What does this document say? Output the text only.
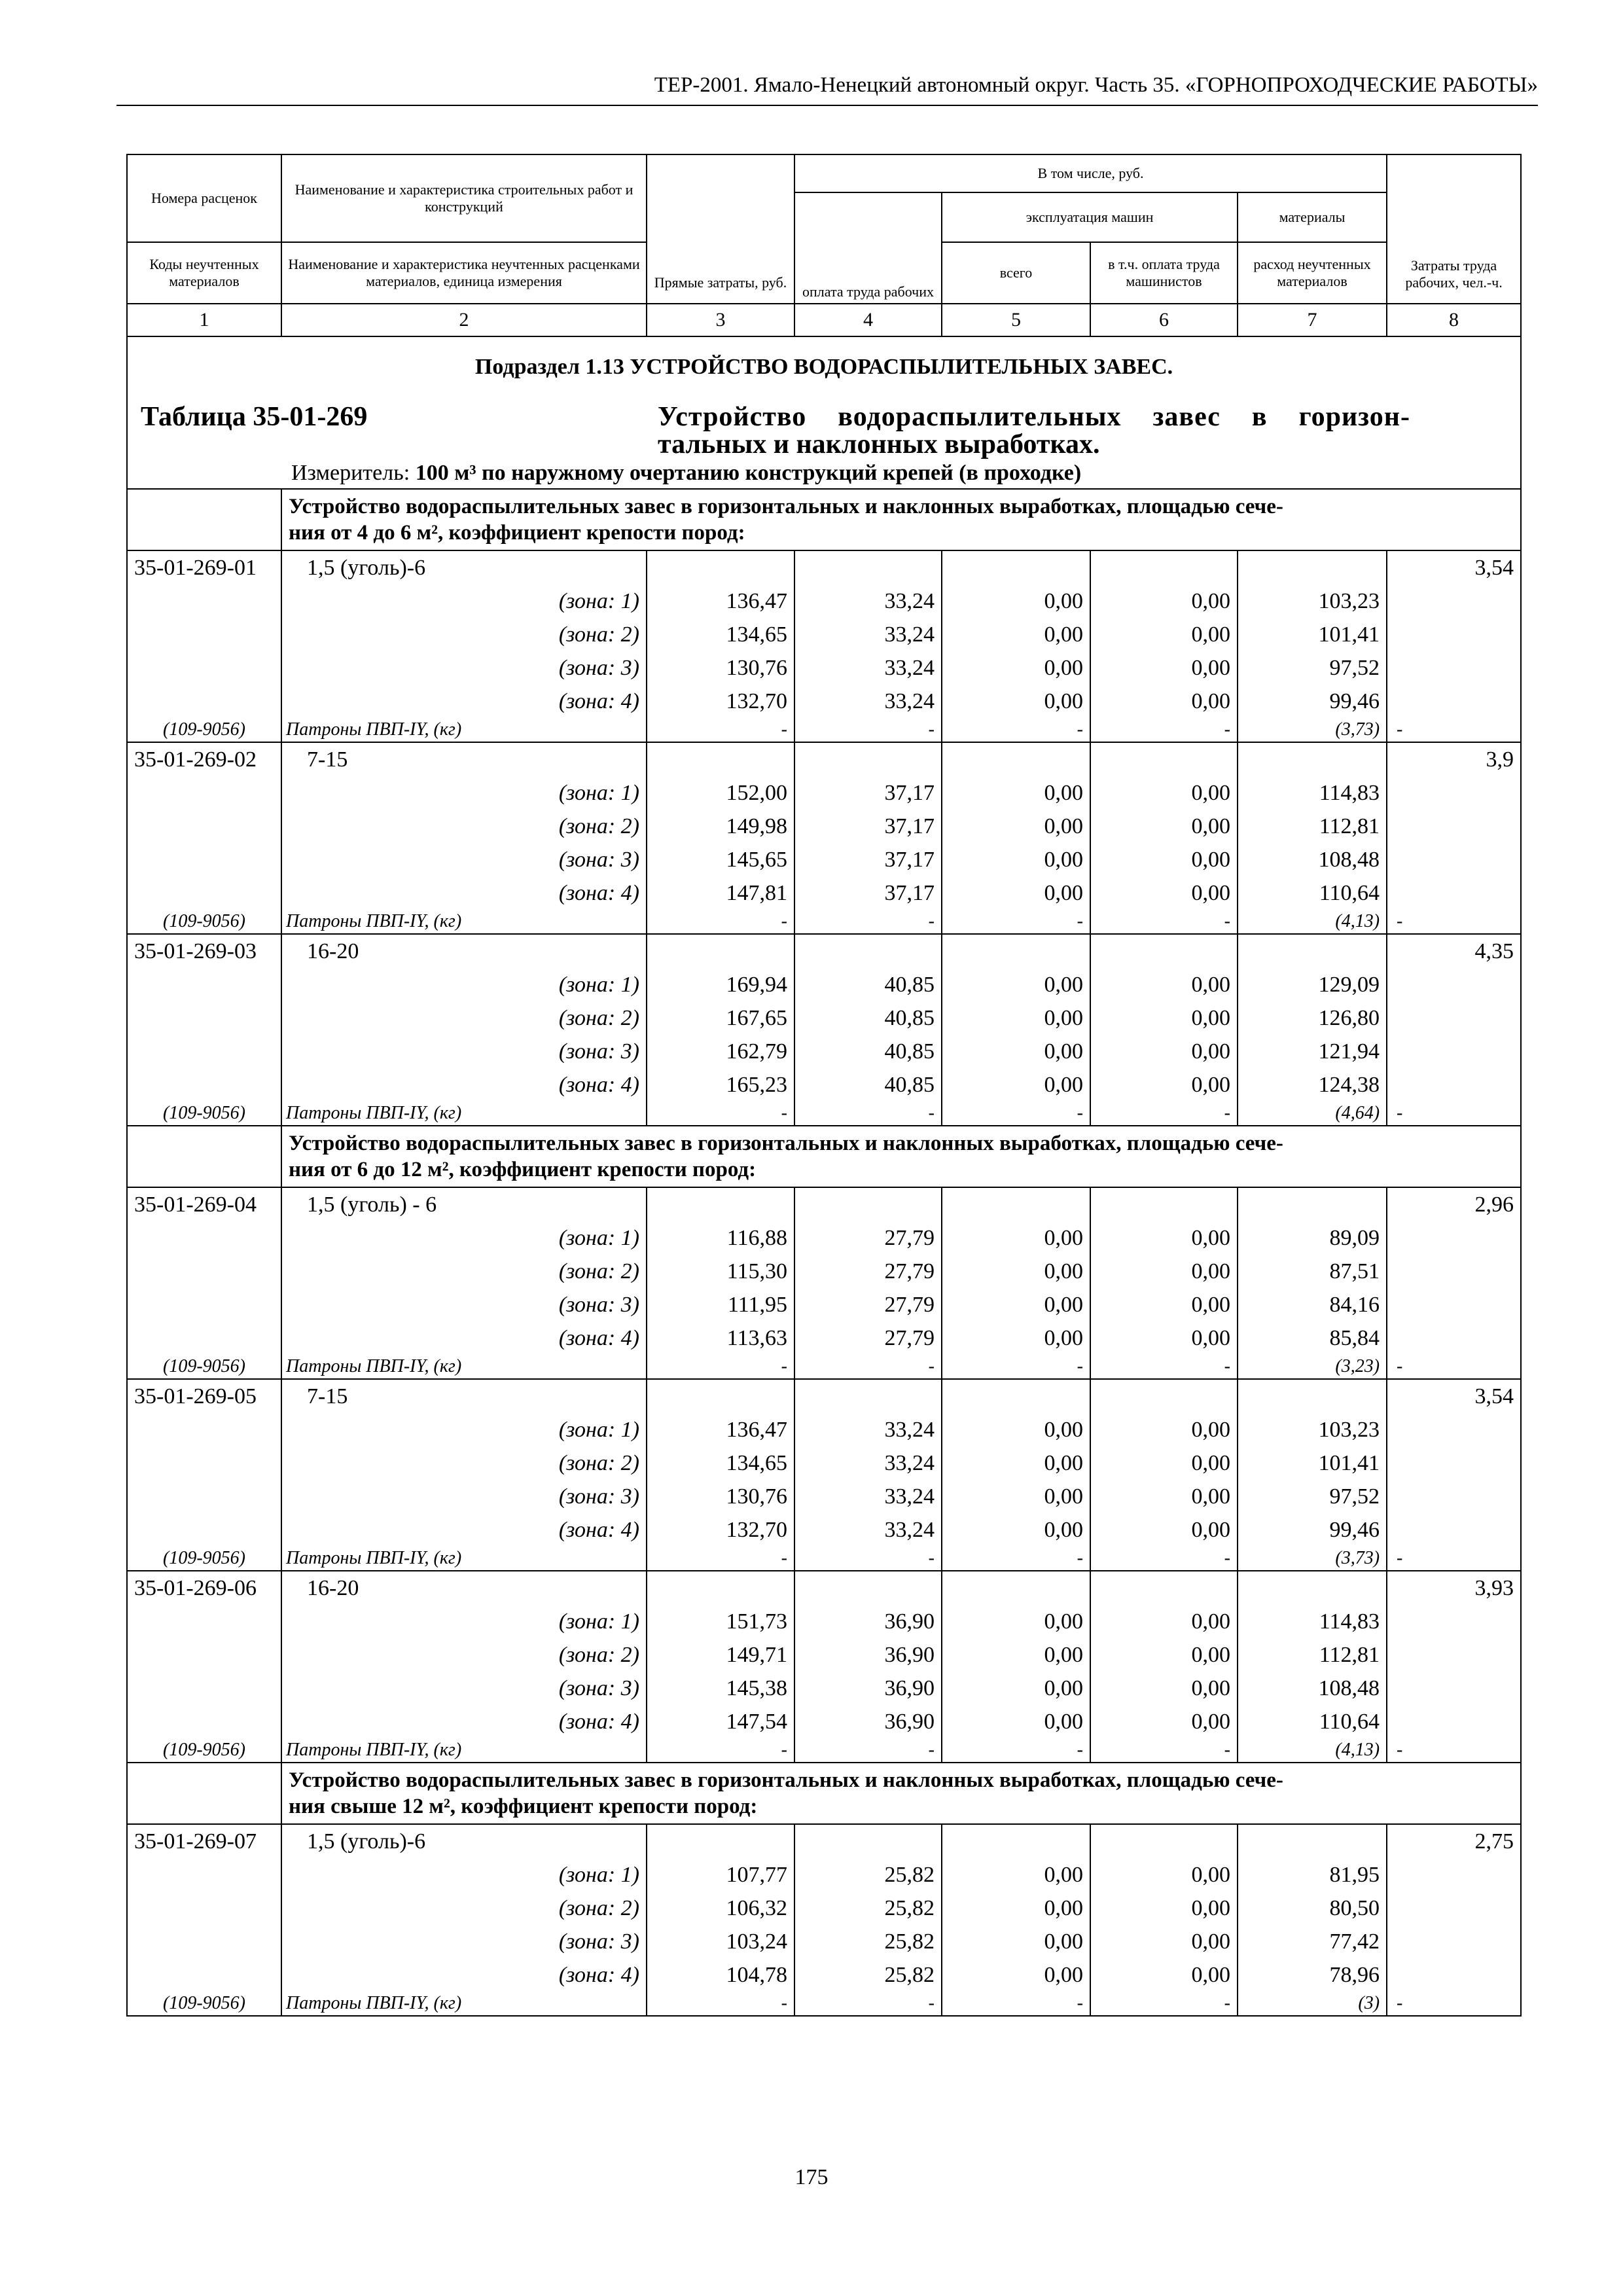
ТЕР-2001. Ямало-Ненецкий автономный округ. Часть 35. «ГОРНОПРОХОДЧЕСКИЕ РАБОТЫ»
Номера расценок	Наименование и характеристика строительных работ и конструкций	Прямые затраты, руб.	В том числе, руб.				Затраты труда рабочих, чел.-ч.
			оплата труда рабочих	эксплуатация машин		материалы	
Коды неучтенных материалов	Наименование и характеристика неучтенных расценками материалов, единица измерения			всего	в т.ч. оплата труда машинистов	расход неучтенных материалов	
1	2	3	4	5	6	7	8
Подраздел 1.13 УСТРОЙСТВО ВОДОРАСПЫЛИТЕЛЬНЫХ ЗАВЕС.							

Таблица 35-01-269 Устройство водораспылительных завес в горизон-
тальных и наклонных выработках.							

Измеритель: 100 м³ по наружному очертанию конструкций крепей (в проходке)							

	Устройство водораспылительных завес в горизонтальных и наклонных выработках, площадью сече-
ния от 4 до 6 м², коэффициент крепости пород:						

35-01-269-01	1,5 (уголь)-6						3,54
	(зона: 1)	136,47	33,24	0,00	0,00	103,23	
	(зона: 2)	134,65	33,24	0,00	0,00	101,41	
	(зона: 3)	130,76	33,24	0,00	0,00	97,52	
	(зона: 4)	132,70	33,24	0,00	0,00	99,46	
(109-9056)	Патроны ПВП-IY, (кг)	-	-	-	-	(3,73)	-
35-01-269-02	7-15						3,9
	(зона: 1)	152,00	37,17	0,00	0,00	114,83	
	(зона: 2)	149,98	37,17	0,00	0,00	112,81	
	(зона: 3)	145,65	37,17	0,00	0,00	108,48	
	(зона: 4)	147,81	37,17	0,00	0,00	110,64	
(109-9056)	Патроны ПВП-IY, (кг)	-	-	-	-	(4,13)	-
35-01-269-03	16-20						4,35
	(зона: 1)	169,94	40,85	0,00	0,00	129,09	
	(зона: 2)	167,65	40,85	0,00	0,00	126,80	
	(зона: 3)	162,79	40,85	0,00	0,00	121,94	
	(зона: 4)	165,23	40,85	0,00	0,00	124,38	
(109-9056)	Патроны ПВП-IY, (кг)	-	-	-	-	(4,64)	-

	Устройство водораспылительных завес в горизонтальных и наклонных выработках, площадью сече-
ния от 6 до 12 м², коэффициент крепости пород:						

35-01-269-04	1,5 (уголь) - 6						2,96
	(зона: 1)	116,88	27,79	0,00	0,00	89,09	
	(зона: 2)	115,30	27,79	0,00	0,00	87,51	
	(зона: 3)	111,95	27,79	0,00	0,00	84,16	
	(зона: 4)	113,63	27,79	0,00	0,00	85,84	
(109-9056)	Патроны ПВП-IY, (кг)	-	-	-	-	(3,23)	-
35-01-269-05	7-15						3,54
	(зона: 1)	136,47	33,24	0,00	0,00	103,23	
	(зона: 2)	134,65	33,24	0,00	0,00	101,41	
	(зона: 3)	130,76	33,24	0,00	0,00	97,52	
	(зона: 4)	132,70	33,24	0,00	0,00	99,46	
(109-9056)	Патроны ПВП-IY, (кг)	-	-	-	-	(3,73)	-
35-01-269-06	16-20						3,93
	(зона: 1)	151,73	36,90	0,00	0,00	114,83	
	(зона: 2)	149,71	36,90	0,00	0,00	112,81	
	(зона: 3)	145,38	36,90	0,00	0,00	108,48	
	(зона: 4)	147,54	36,90	0,00	0,00	110,64	
(109-9056)	Патроны ПВП-IY, (кг)	-	-	-	-	(4,13)	-

	Устройство водораспылительных завес в горизонтальных и наклонных выработках, площадью сече-
ния свыше 12 м², коэффициент крепости пород:						

35-01-269-07	1,5 (уголь)-6						2,75
	(зона: 1)	107,77	25,82	0,00	0,00	81,95	
	(зона: 2)	106,32	25,82	0,00	0,00	80,50	
	(зона: 3)	103,24	25,82	0,00	0,00	77,42	
	(зона: 4)	104,78	25,82	0,00	0,00	78,96	
(109-9056)	Патроны ПВП-IY, (кг)	-	-	-	-	(3)	-
175
